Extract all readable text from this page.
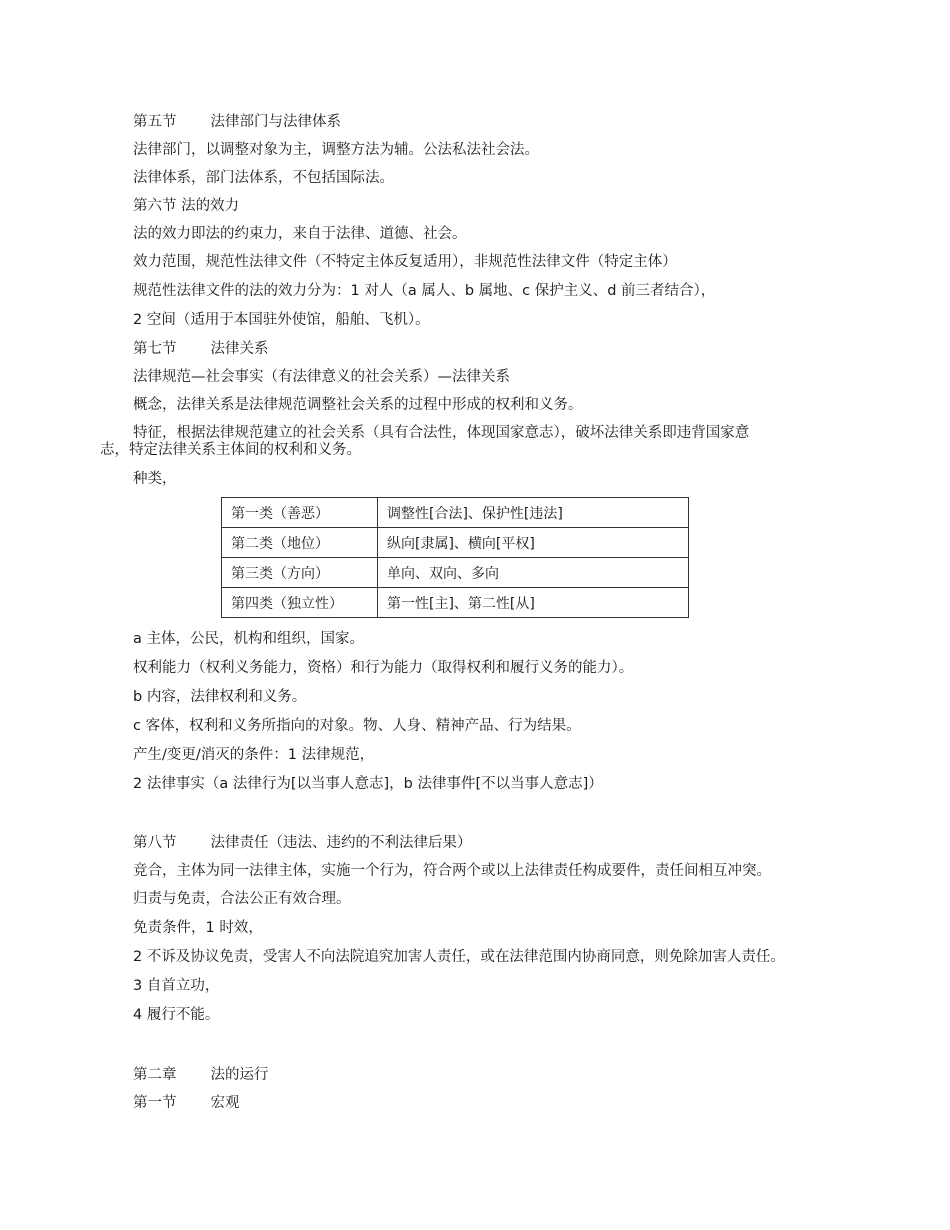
第五节 法律部门与法律体系
法律部门，以调整对象为主，调整方法为辅。公法私法社会法。
法律体系，部门法体系，不包括国际法。
第六节 法的效力
法的效力即法的约束力，来自于法律、道德、社会。
效力范围，规范性法律文件（不特定主体反复适用），非规范性法律文件（特定主体）
规范性法律文件的法的效力分为：1 对人（a 属人、b 属地、c 保护主义、d 前三者结合），
2 空间（适用于本国驻外使馆，船舶、飞机）。
第七节 法律关系
法律规范—社会事实（有法律意义的社会关系）—法律关系
概念，法律关系是法律规范调整社会关系的过程中形成的权利和义务。
特征，根据法律规范建立的社会关系（具有合法性，体现国家意志），破坏法律关系即违背国家意
志，特定法律关系主体间的权利和义务。
种类，
第一类（善恶）	调整性[合法]、保护性[违法]
第二类（地位）	纵向[隶属]、横向[平权]
第三类（方向）	单向、双向、多向
第四类（独立性）	第一性[主]、第二性[从]
a 主体，公民，机构和组织，国家。
权利能力（权利义务能力，资格）和行为能力（取得权利和履行义务的能力）。
b 内容，法律权利和义务。
c 客体，权利和义务所指向的对象。物、人身、精神产品、行为结果。
产生/变更/消灭的条件：1 法律规范，
2 法律事实（a 法律行为[以当事人意志]，b 法律事件[不以当事人意志]）
第八节 法律责任（违法、违约的不利法律后果）
竞合，主体为同一法律主体，实施一个行为，符合两个或以上法律责任构成要件，责任间相互冲突。
归责与免责，合法公正有效合理。
免责条件，1 时效，
2 不诉及协议免责，受害人不向法院追究加害人责任，或在法律范围内协商同意，则免除加害人责任。
3 自首立功，
4 履行不能。
第二章 法的运行
第一节 宏观
